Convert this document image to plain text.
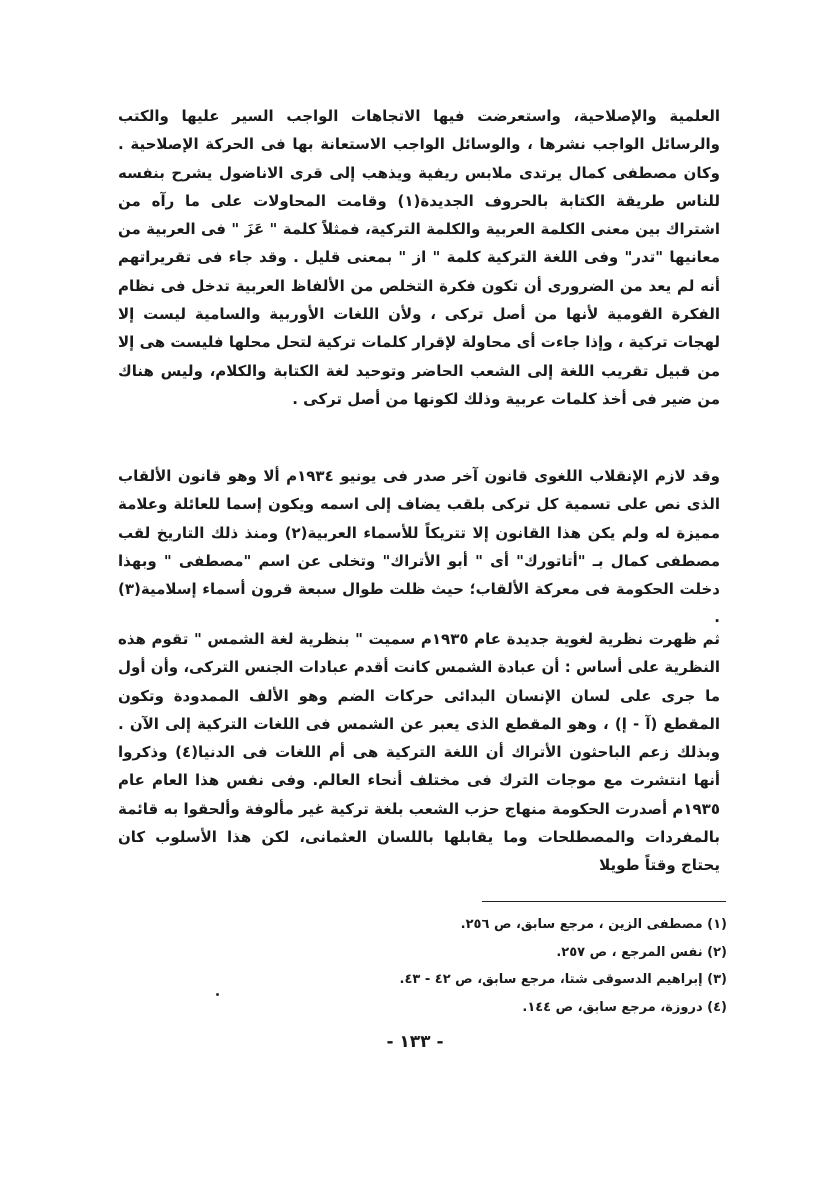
العلمية والإصلاحية، واستعرضت فيها الاتجاهات الواجب السير عليها والكتب والرسائل الواجب نشرها ، والوسائل الواجب الاستعانة بها فى الحركة الإصلاحية . وكان مصطفى كمال يرتدى ملابس ريفية ويذهب إلى قرى الاناضول يشرح بنفسه للناس طريقة الكتابة بالحروف الجديدة(١) وقامت المحاولات على ما رآه من اشتراك بين معنى الكلمة العربية والكلمة التركية، فمثلاً كلمة " عَزَ " فى العربية من معانيها "تدر" وفى اللغة التركية كلمة " از " بمعنى قليل . وقد جاء فى تقريراتهم أنه لم يعد من الضرورى أن تكون فكرة التخلص من الألفاظ العربية تدخل فى نظام الفكرة القومية لأنها من أصل تركى ، ولأن اللغات الأوربية والسامية ليست إلا لهجات تركية ، وإذا جاءت أى محاولة لإقرار كلمات تركية لتحل محلها فليست هى إلا من قبيل تقريب اللغة إلى الشعب الحاضر وتوحيد لغة الكتابة والكلام، وليس هناك من ضير فى أخذ كلمات عربية وذلك لكونها من أصل تركى .

وقد لازم الإنقلاب اللغوى قانون آخر صدر فى يونيو ١٩٣٤م ألا وهو قانون الألقاب الذى نص على تسمية كل تركى بلقب يضاف إلى اسمه ويكون إسما للعائلة وعلامة مميزة له ولم يكن هذا القانون إلا تتريكاً للأسماء العربية(٢) ومنذ ذلك التاريخ لقب مصطفى كمال بـ "أتاتورك" أى " أبو الأتراك" وتخلى عن اسم "مصطفى " وبهذا دخلت الحكومة فى معركة الألقاب؛ حيث ظلت طوال سبعة قرون أسماء إسلامية(٣) .

ثم ظهرت نظرية لغوية جديدة عام ١٩٣٥م سميت " بنظرية لغة الشمس " تقوم هذه النظرية على أساس : أن عبادة الشمس كانت أقدم عبادات الجنس التركى، وأن أول ما جرى على لسان الإنسان البدائى حركات الضم وهو الألف الممدودة وتكون المقطع (آ - إ) ، وهو المقطع الذى يعبر عن الشمس فى اللغات التركية إلى الآن . وبذلك زعم الباحثون الأتراك أن اللغة التركية هى أم اللغات فى الدنيا(٤) وذكروا أنها انتشرت مع موجات الترك فى مختلف أنحاء العالم. وفى نفس هذا العام عام ١٩٣٥م أصدرت الحكومة منهاج حزب الشعب بلغة تركية غير مألوفة وألحقوا به قائمة بالمفردات والمصطلحات وما يقابلها باللسان العثمانى، لكن هذا الأسلوب كان يحتاج وقتاً طويلا

(١) مصطفى الزين ، مرجع سابق، ص ٢٥٦.
(٢) نفس المرجع ، ص ٢٥٧.
(٣) إبراهيم الدسوقى شتا، مرجع سابق، ص ٤٢ - ٤٣.
(٤) دروزة، مرجع سابق، ص ١٤٤.
- ١٣٣ -
